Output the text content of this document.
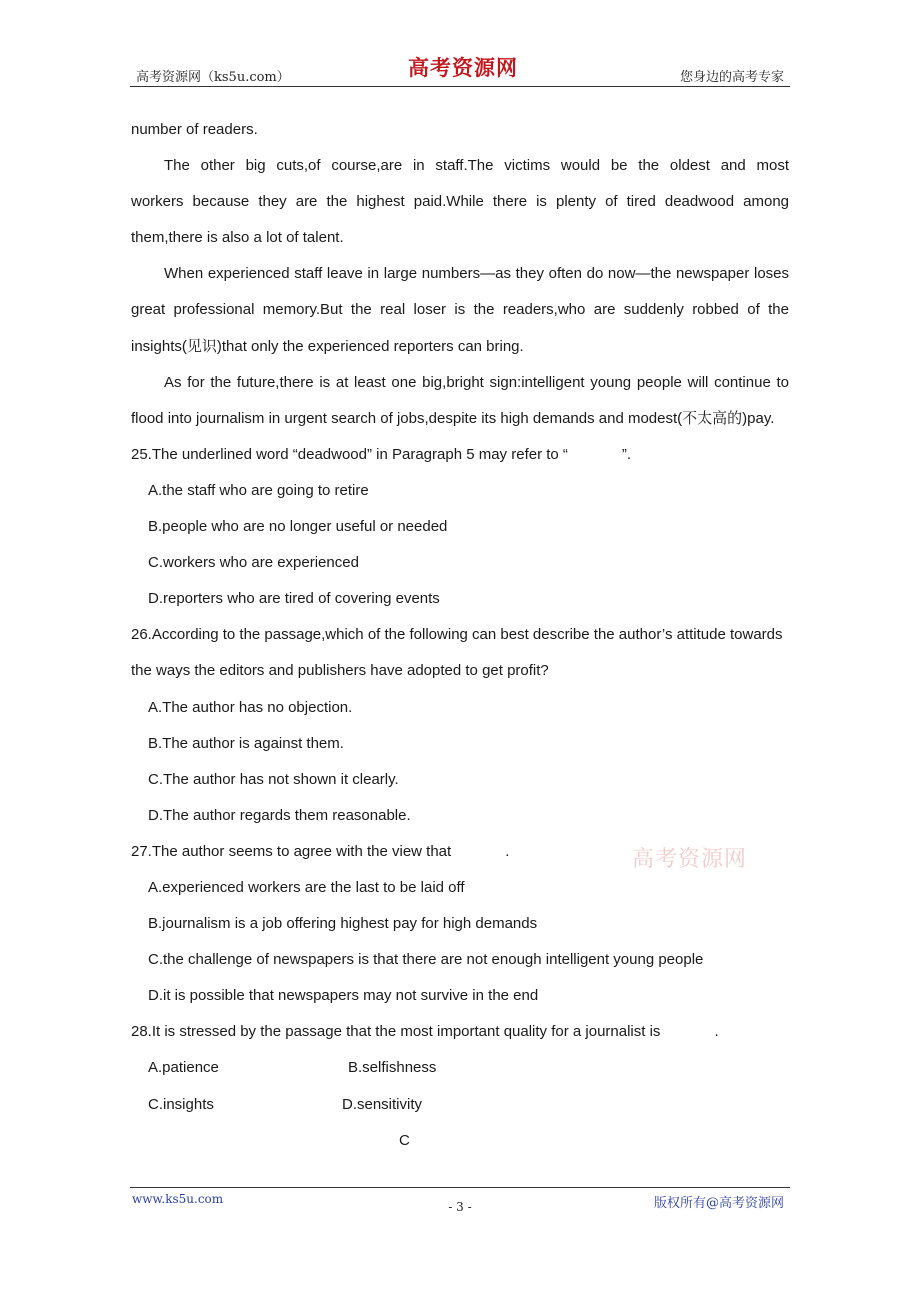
高考资源网（ks5u.com）	高考资源网	您身边的高考专家
number of readers.
The other big cuts,of course,are in staff.The victims would be the oldest and most
workers because they are the highest paid.While there is plenty of tired deadwood among
them,there is also a lot of talent.
When experienced staff leave in large numbers—as they often do now—the newspaper loses
great professional memory.But the real loser is the readers,who are suddenly robbed of the
insights(见识)that only the experienced reporters can bring.
As for the future,there is at least one big,bright sign:intelligent young people will continue to
flood into journalism in urgent search of jobs,despite its high demands and modest(不太高的)pay.
25.The underlined word “deadwood” in Paragraph 5 may refer to “	”.
A.the staff who are going to retire
B.people who are no longer useful or needed
C.workers who are experienced
D.reporters who are tired of covering events
26.According to the passage,which of the following can best describe the author’s attitude towards
the ways the editors and publishers have adopted to get profit?
A.The author has no objection.
B.The author is against them.
C.The author has not shown it clearly.
D.The author regards them reasonable.
27.The author seems to agree with the view that	.
A.experienced workers are the last to be laid off
B.journalism is a job offering highest pay for high demands
C.the challenge of newspapers is that there are not enough intelligent young people
D.it is possible that newspapers may not survive in the end
28.It is stressed by the passage that the most important quality for a journalist is	.
A.patience	B.selfishness
C.insights	D.sensitivity
C
高考资源网
www.ks5u.com
- 3 -	版权所有@高考资源网
